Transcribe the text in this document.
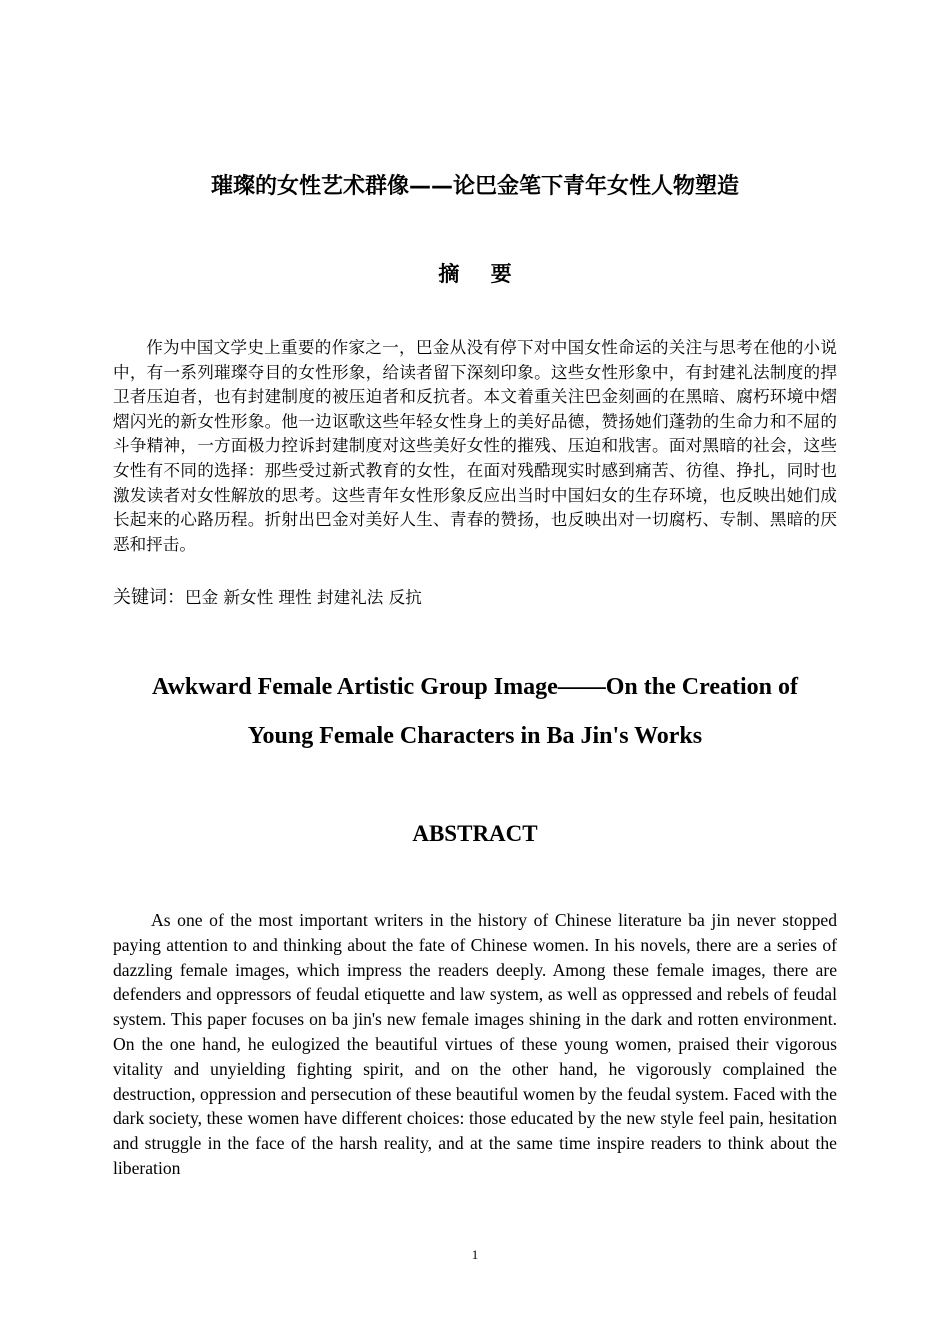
璀璨的女性艺术群像——论巴金笔下青年女性人物塑造
摘 要

作为中国文学史上重要的作家之一，巴金从没有停下对中国女性命运的关注与思考在他的小说中，有一系列璀璨夺目的女性形象，给读者留下深刻印象。这些女性形象中，有封建礼法制度的捍卫者压迫者，也有封建制度的被压迫者和反抗者。本文着重关注巴金刻画的在黑暗、腐朽环境中熠熠闪光的新女性形象。他一边讴歌这些年轻女性身上的美好品德，赞扬她们蓬勃的生命力和不屈的斗争精神，一方面极力控诉封建制度对这些美好女性的摧残、压迫和戕害。面对黑暗的社会，这些女性有不同的选择：那些受过新式教育的女性，在面对残酷现实时感到痛苦、彷徨、挣扎，同时也激发读者对女性解放的思考。这些青年女性形象反应出当时中国妇女的生存环境，也反映出她们成长起来的心路历程。折射出巴金对美好人生、青春的赞扬，也反映出对一切腐朽、专制、黑暗的厌恶和抨击。

关键词：巴金 新女性 理性 封建礼法 反抗

Awkward Female Artistic Group Image——On the Creation of
Young Female Characters in Ba Jin's Works
ABSTRACT

As one of the most important writers in the history of Chinese literature ba jin never stopped paying attention to and thinking about the fate of Chinese women. In his novels, there are a series of dazzling female images, which impress the readers deeply. Among these female images, there are defenders and oppressors of feudal etiquette and law system, as well as oppressed and rebels of feudal system. This paper focuses on ba jin's new female images shining in the dark and rotten environment. On the one hand, he eulogized the beautiful virtues of these young women, praised their vigorous vitality and unyielding fighting spirit, and on the other hand, he vigorously complained the destruction, oppression and persecution of these beautiful women by the feudal system. Faced with the dark society, these women have different choices: those educated by the new style feel pain, hesitation and struggle in the face of the harsh reality, and at the same time inspire readers to think about the liberation

1
